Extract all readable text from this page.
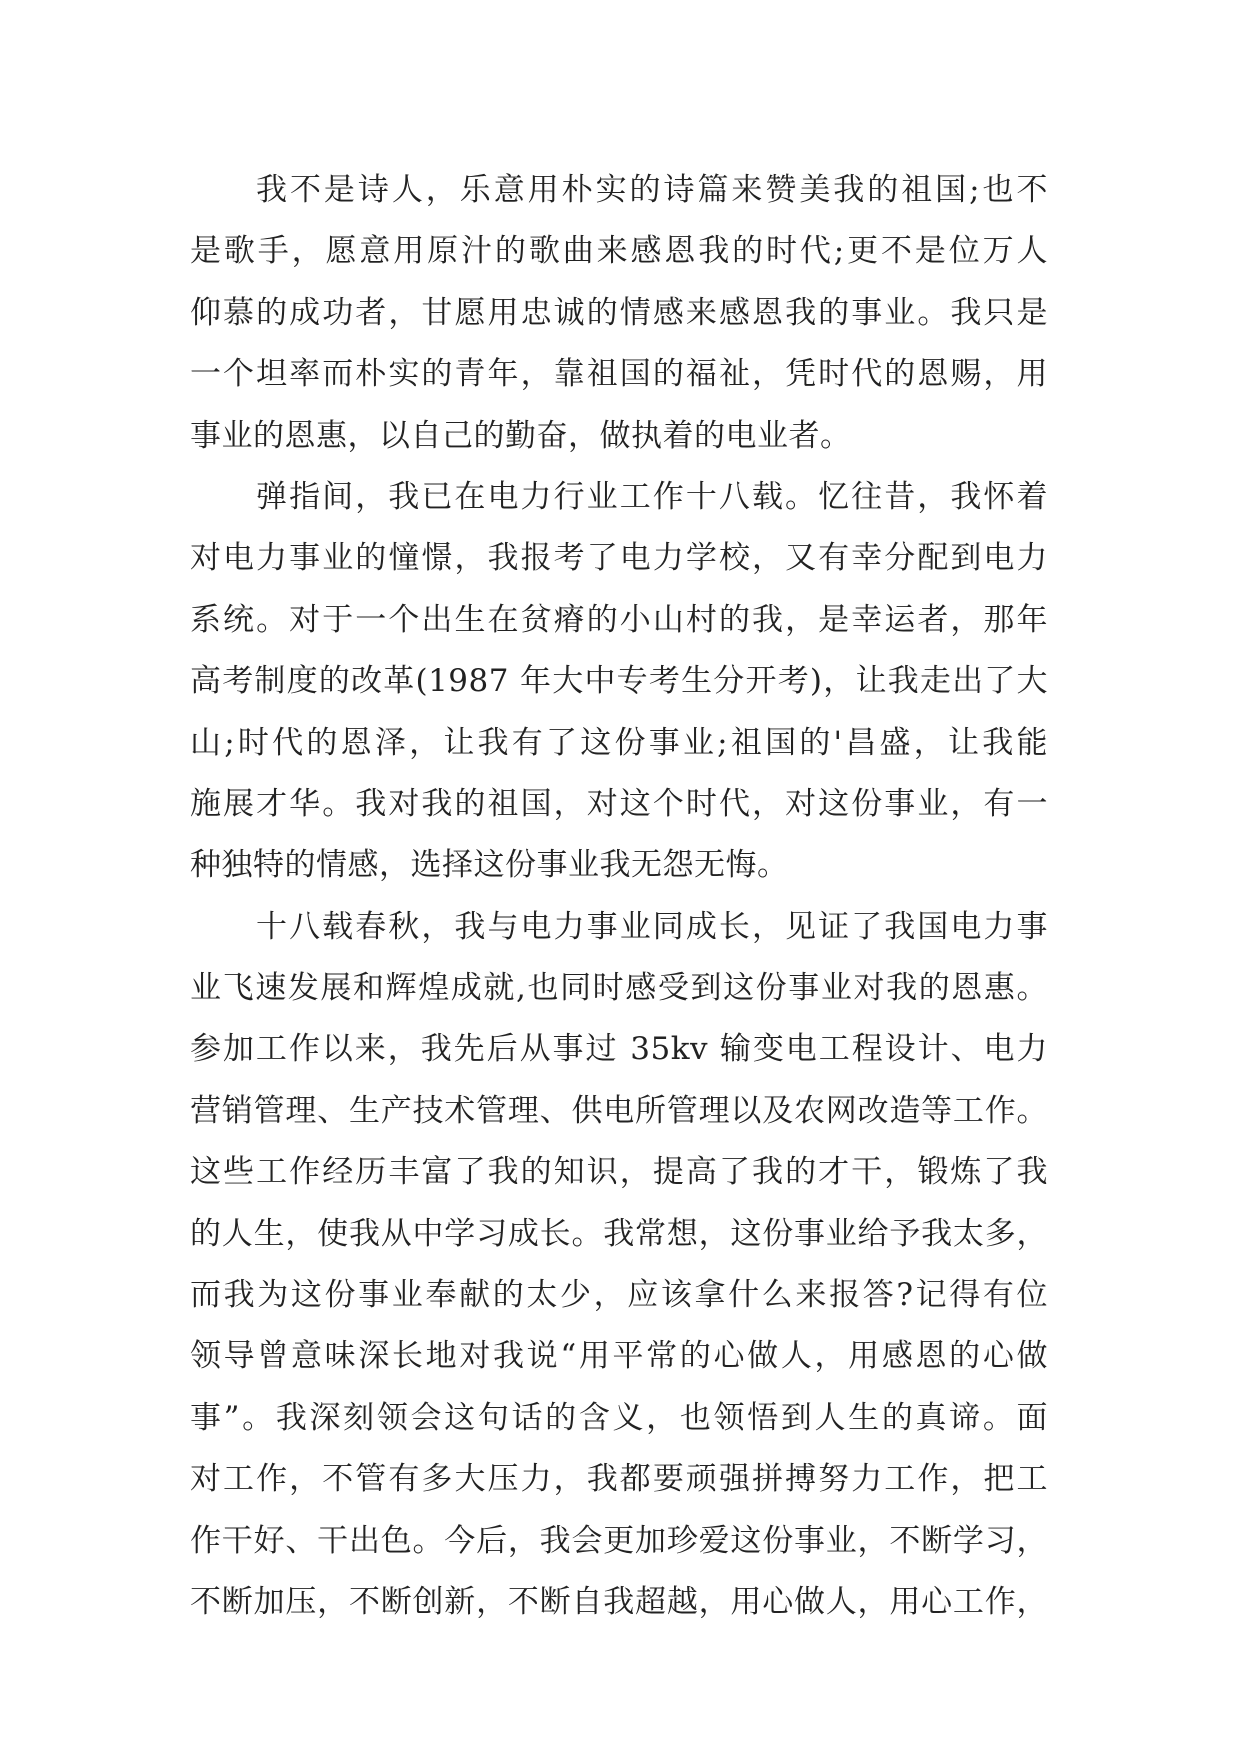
我不是诗人，乐意用朴实的诗篇来赞美我的祖国;也不
是歌手，愿意用原汁的歌曲来感恩我的时代;更不是位万人
仰慕的成功者，甘愿用忠诚的情感来感恩我的事业。我只是
一个坦率而朴实的青年，靠祖国的福祉，凭时代的恩赐，用
事业的恩惠，以自己的勤奋，做执着的电业者。
弹指间，我已在电力行业工作十八载。忆往昔，我怀着
对电力事业的憧憬，我报考了电力学校，又有幸分配到电力
系统。对于一个出生在贫瘠的小山村的我，是幸运者，那年
高考制度的改革(1987 年大中专考生分开考)，让我走出了大
山;时代的恩泽，让我有了这份事业;祖国的'昌盛，让我能
施展才华。我对我的祖国，对这个时代，对这份事业，有一
种独特的情感，选择这份事业我无怨无悔。
十八载春秋，我与电力事业同成长，见证了我国电力事
业飞速发展和辉煌成就,也同时感受到这份事业对我的恩惠。
参加工作以来，我先后从事过 35kv 输变电工程设计、电力
营销管理、生产技术管理、供电所管理以及农网改造等工作。
这些工作经历丰富了我的知识，提高了我的才干，锻炼了我
的人生，使我从中学习成长。我常想，这份事业给予我太多，
而我为这份事业奉献的太少，应该拿什么来报答?记得有位
领导曾意味深长地对我说“用平常的心做人，用感恩的心做
事”。我深刻领会这句话的含义，也领悟到人生的真谛。面
对工作，不管有多大压力，我都要顽强拼搏努力工作，把工
作干好、干出色。今后，我会更加珍爱这份事业，不断学习，
不断加压，不断创新，不断自我超越，用心做人，用心工作，
